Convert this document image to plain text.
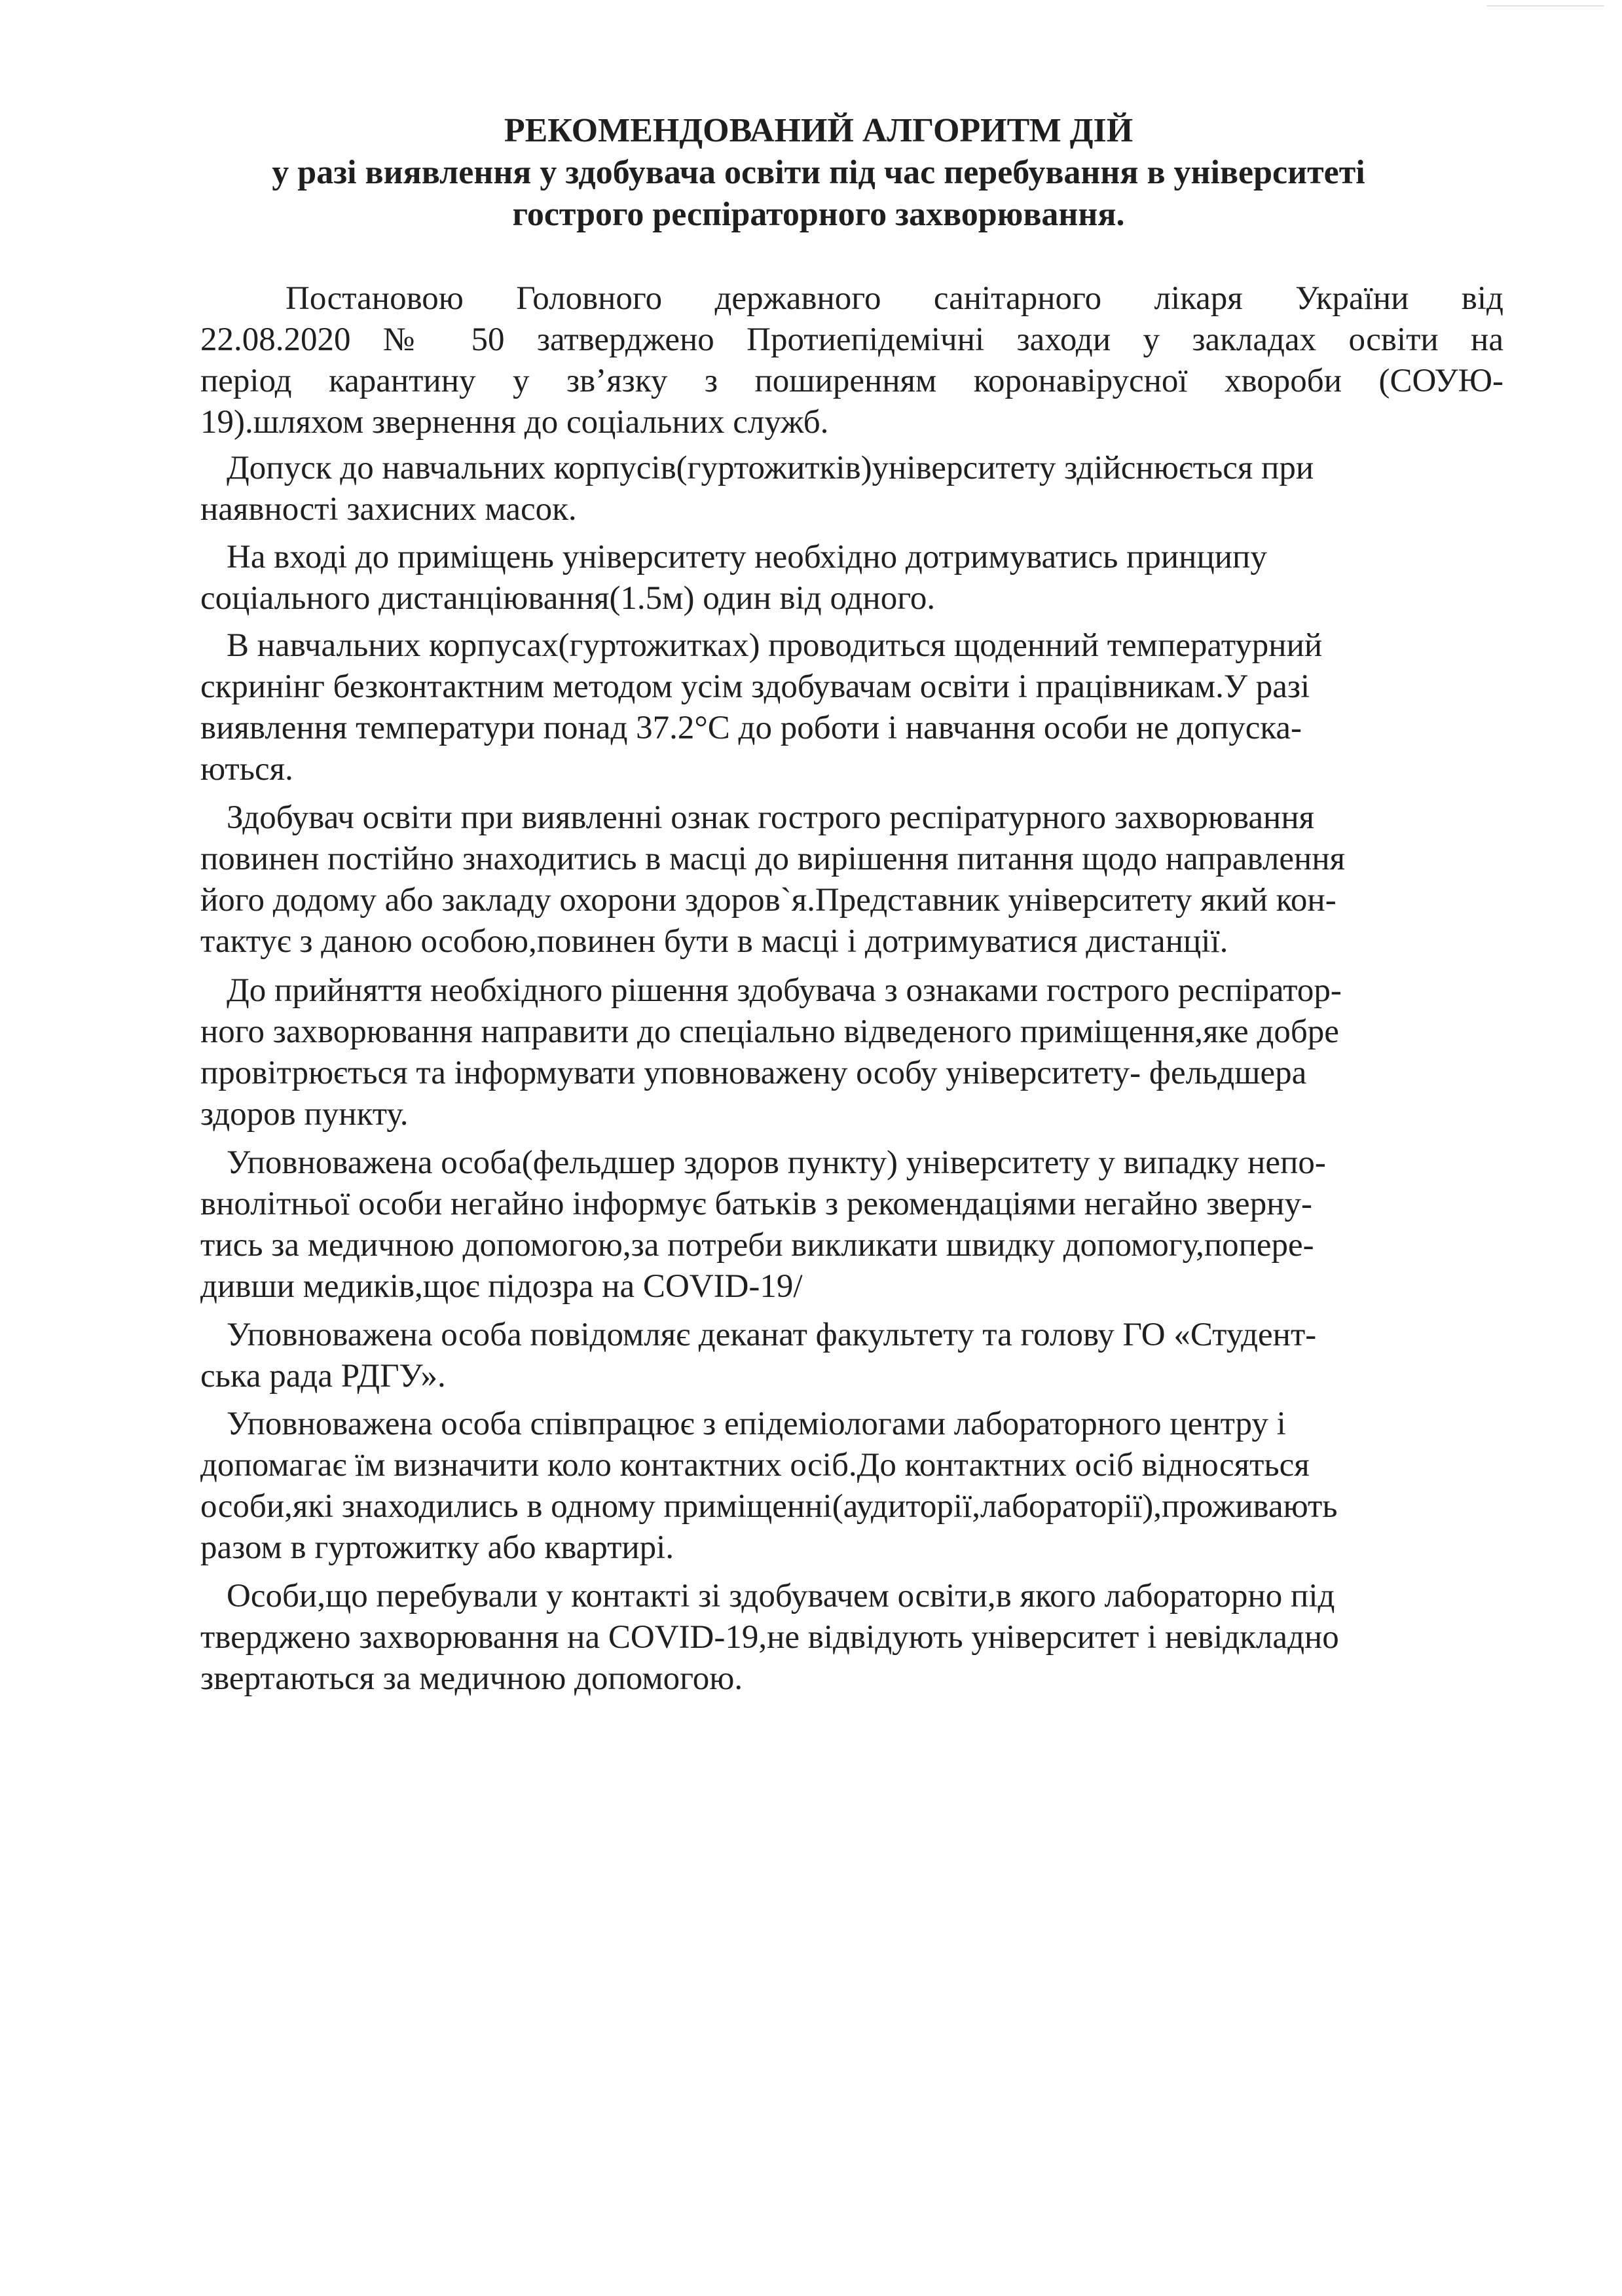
РЕКОМЕНДОВАНИЙ АЛГОРИТМ ДІЙ
у разі виявлення у здобувача освіти під час перебування в університеті
гострого респіраторного захворювання.
Постановою Головного державного санітарного лікаря України від
22.08.2020 № 50 затверджено Протиепідемічні заходи у закладах освіти на
період карантину у зв’язку з поширенням коронавірусної хвороби (СОУЮ-
19).шляхом звернення до соціальних служб.
Допуск до навчальних корпусів(гуртожитків)університету здійснюється при
наявності захисних масок.
На вході до приміщень університету необхідно дотримуватись принципу
соціального дистанціювання(1.5м) один від одного.
В навчальних корпусах(гуртожитках) проводиться щоденний температурний
скринінг безконтактним методом усім здобувачам освіти і працівникам.У разі
виявлення температури понад 37.2°С до роботи і навчання особи не допуска-
ються.
Здобувач освіти при виявленні ознак гострого респіратурного захворювання
повинен постійно знаходитись в масці до вирішення питання щодо направлення
його додому або закладу охорони здоров`я.Представник університету який кон-
тактує з даною особою,повинен бути в масці і дотримуватися дистанції.
До прийняття необхідного рішення здобувача з ознаками гострого респіратор-
ного захворювання направити до спеціально відведеного приміщення,яке добре
провітрюється та інформувати уповноважену особу університету- фельдшера
здоров пункту.
Уповноважена особа(фельдшер здоров пункту) університету у випадку непо-
внолітньої особи негайно інформує батьків з рекомендаціями негайно зверну-
тись за медичною допомогою,за потреби викликати швидку допомогу,попере-
дивши медиків,щоє підозра на COVID-19/
Уповноважена особа повідомляє деканат факультету та голову ГО «Студент-
ська рада РДГУ».
Уповноважена особа співпрацює з епідеміологами лабораторного центру і
допомагає їм визначити коло контактних осіб.До контактних осіб відносяться
особи,які знаходились в одному приміщенні(аудиторії,лабораторії),проживають
разом в гуртожитку або квартирі.
Особи,що перебували у контакті зі здобувачем освіти,в якого лабораторно під
тверджено захворювання на COVID-19,не відвідують університет і невідкладно
звертаються за медичною допомогою.
